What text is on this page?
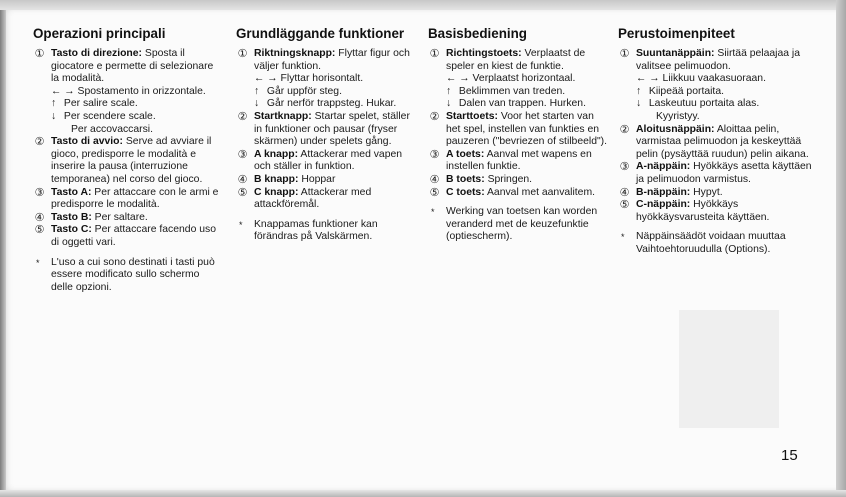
Operazioni principali
① Tasto di direzione: Sposta il giocatore e permette di selezionare la modalità.
← → Spostamento in orizzontale.
↑ Per salire scale.
↓ Per scendere scale.
Per accovaccarsi.
② Tasto di avvio: Serve ad avviare il gioco, predisporre le modalità e inserire la pausa (interruzione temporanea) nel corso del gioco.
③ Tasto A: Per attaccare con le armi e predisporre le modalità.
④ Tasto B: Per saltare.
⑤ Tasto C: Per attaccare facendo uso di oggetti vari.
* L'uso a cui sono destinati i tasti può essere modificato sullo schermo delle opzioni.
Grundläggande funktioner
① Riktningsknapp: Flyttar figur och väljer funktion.
← → Flyttar horisontalt.
↑ Går uppför steg.
↓ Går nerför trappsteg. Hukar.
② Startknapp: Startar spelet, ställer in funktioner och pausar (fryser skärmen) under spelets gång.
③ A knapp: Attackerar med vapen och ställer in funktion.
④ B knapp: Hoppar
⑤ C knapp: Attackerar med attackföremål.
* Knappamas funktioner kan förändras på Valskärmen.
Basisbediening
① Richtingstoets: Verplaatst de speler en kiest de funktie.
← → Verplaatst horizontaal.
↑ Beklimmen van treden.
↓ Dalen van trappen. Hurken.
② Starttoets: Voor het starten van het spel, instellen van funkties en pauzeren ("bevriezen of stilbeeld").
③ A toets: Aanval met wapens en instellen funktie.
④ B toets: Springen.
⑤ C toets: Aanval met aanvalitem.
* Werking van toetsen kan worden veranderd met de keuzefunktie (optiescherm).
Perustoimenpiteet
① Suuntanäppäin: Siirtää pelaajaa ja valitsee pelimuodon.
← → Liikkuu vaakasuoraan.
↑ Kiipeää portaita.
↓ Laskeutuu portaita alas.
Kyyristyy.
② Aloitusnäppäin: Aloittaa pelin, varmistaa pelimuodon ja keskeyttää pelin (pysäyttää ruudun) pelin aikana.
③ A-näppäin: Hyökkäys asetta käyttäen ja pelimuodon varmistus.
④ B-näppäin: Hypyt.
⑤ C-näppäin: Hyökkäys hyökkäysvarusteita käyttäen.
* Näppäinsäädöt voidaan muuttaa Vaihtoehtoruudulla (Options).
15
